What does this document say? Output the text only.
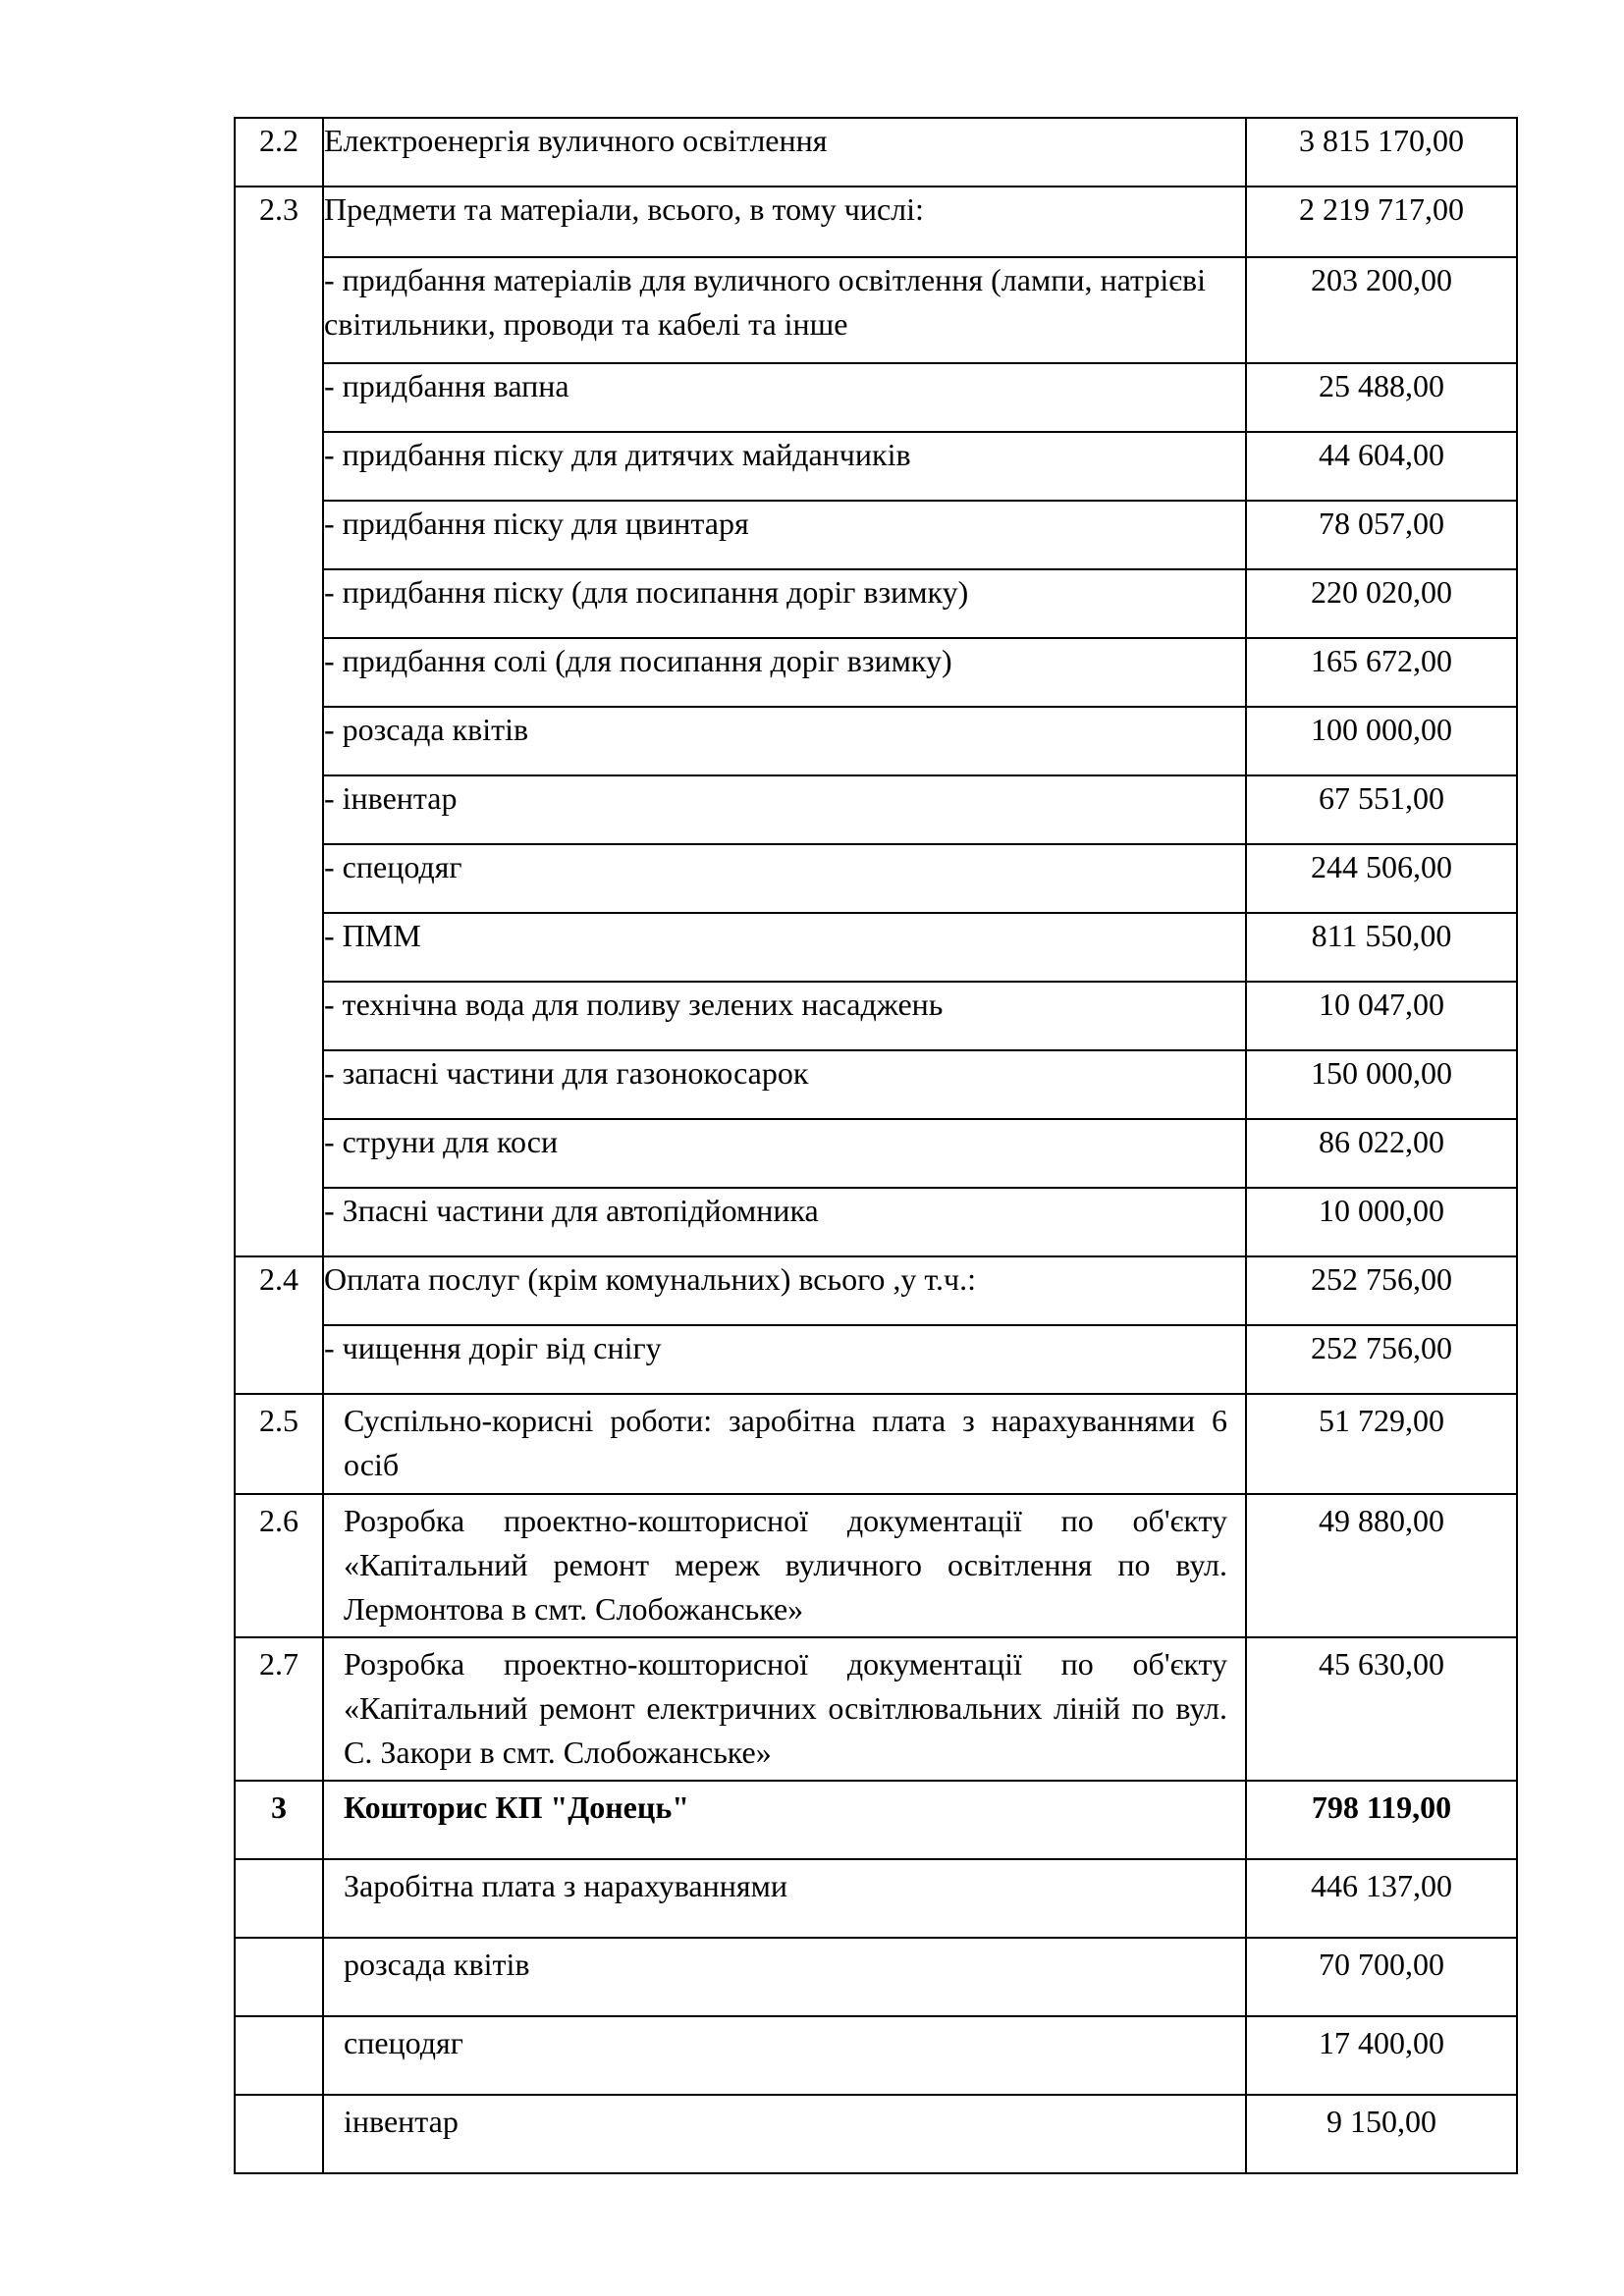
2.2	Електроенергія вуличного освітлення	3 815 170,00
2.3	Предмети та матеріали, всього, в тому числі:	2 219 717,00
	- придбання матеріалів для вуличного освітлення (лампи, натрієві світильники, проводи та кабелі та інше	203 200,00
	- придбання вапна	25 488,00
	- придбання піску для дитячих майданчиків	44 604,00
	- придбання піску для цвинтаря	78 057,00
	- придбання піску (для посипання доріг взимку)	220 020,00
	- придбання солі (для посипання доріг взимку)	165 672,00
	- розсада квітів	100 000,00
	- інвентар	67 551,00
	- спецодяг	244 506,00
	- ПММ	811 550,00
	- технічна вода для поливу зелених насаджень	10 047,00
	- запасні частини для газонокосарок	150 000,00
	- струни для коси	86 022,00
	- Зпасні частини для автопідйомника	10 000,00
2.4	Оплата послуг (крім комунальних) всього ,у т.ч.:	252 756,00
	- чищення доріг від снігу	252 756,00
2.5	Суспільно-корисні роботи: заробітна плата з нарахуваннями 6 осіб	51 729,00
2.6	Розробка проектно-кошторисної документації по об'єкту «Капітальний ремонт мереж вуличного освітлення по вул. Лермонтова в смт. Слобожанське»	49 880,00
2.7	Розробка проектно-кошторисної документації по об'єкту «Капітальний ремонт електричних освітлювальних ліній по вул. С. Закори в смт. Слобожанське»	45 630,00
3	Кошторис КП "Донець"	798 119,00
	Заробітна плата з нарахуваннями	446 137,00
	розсада квітів	70 700,00
	спецодяг	17 400,00
	інвентар	9 150,00
